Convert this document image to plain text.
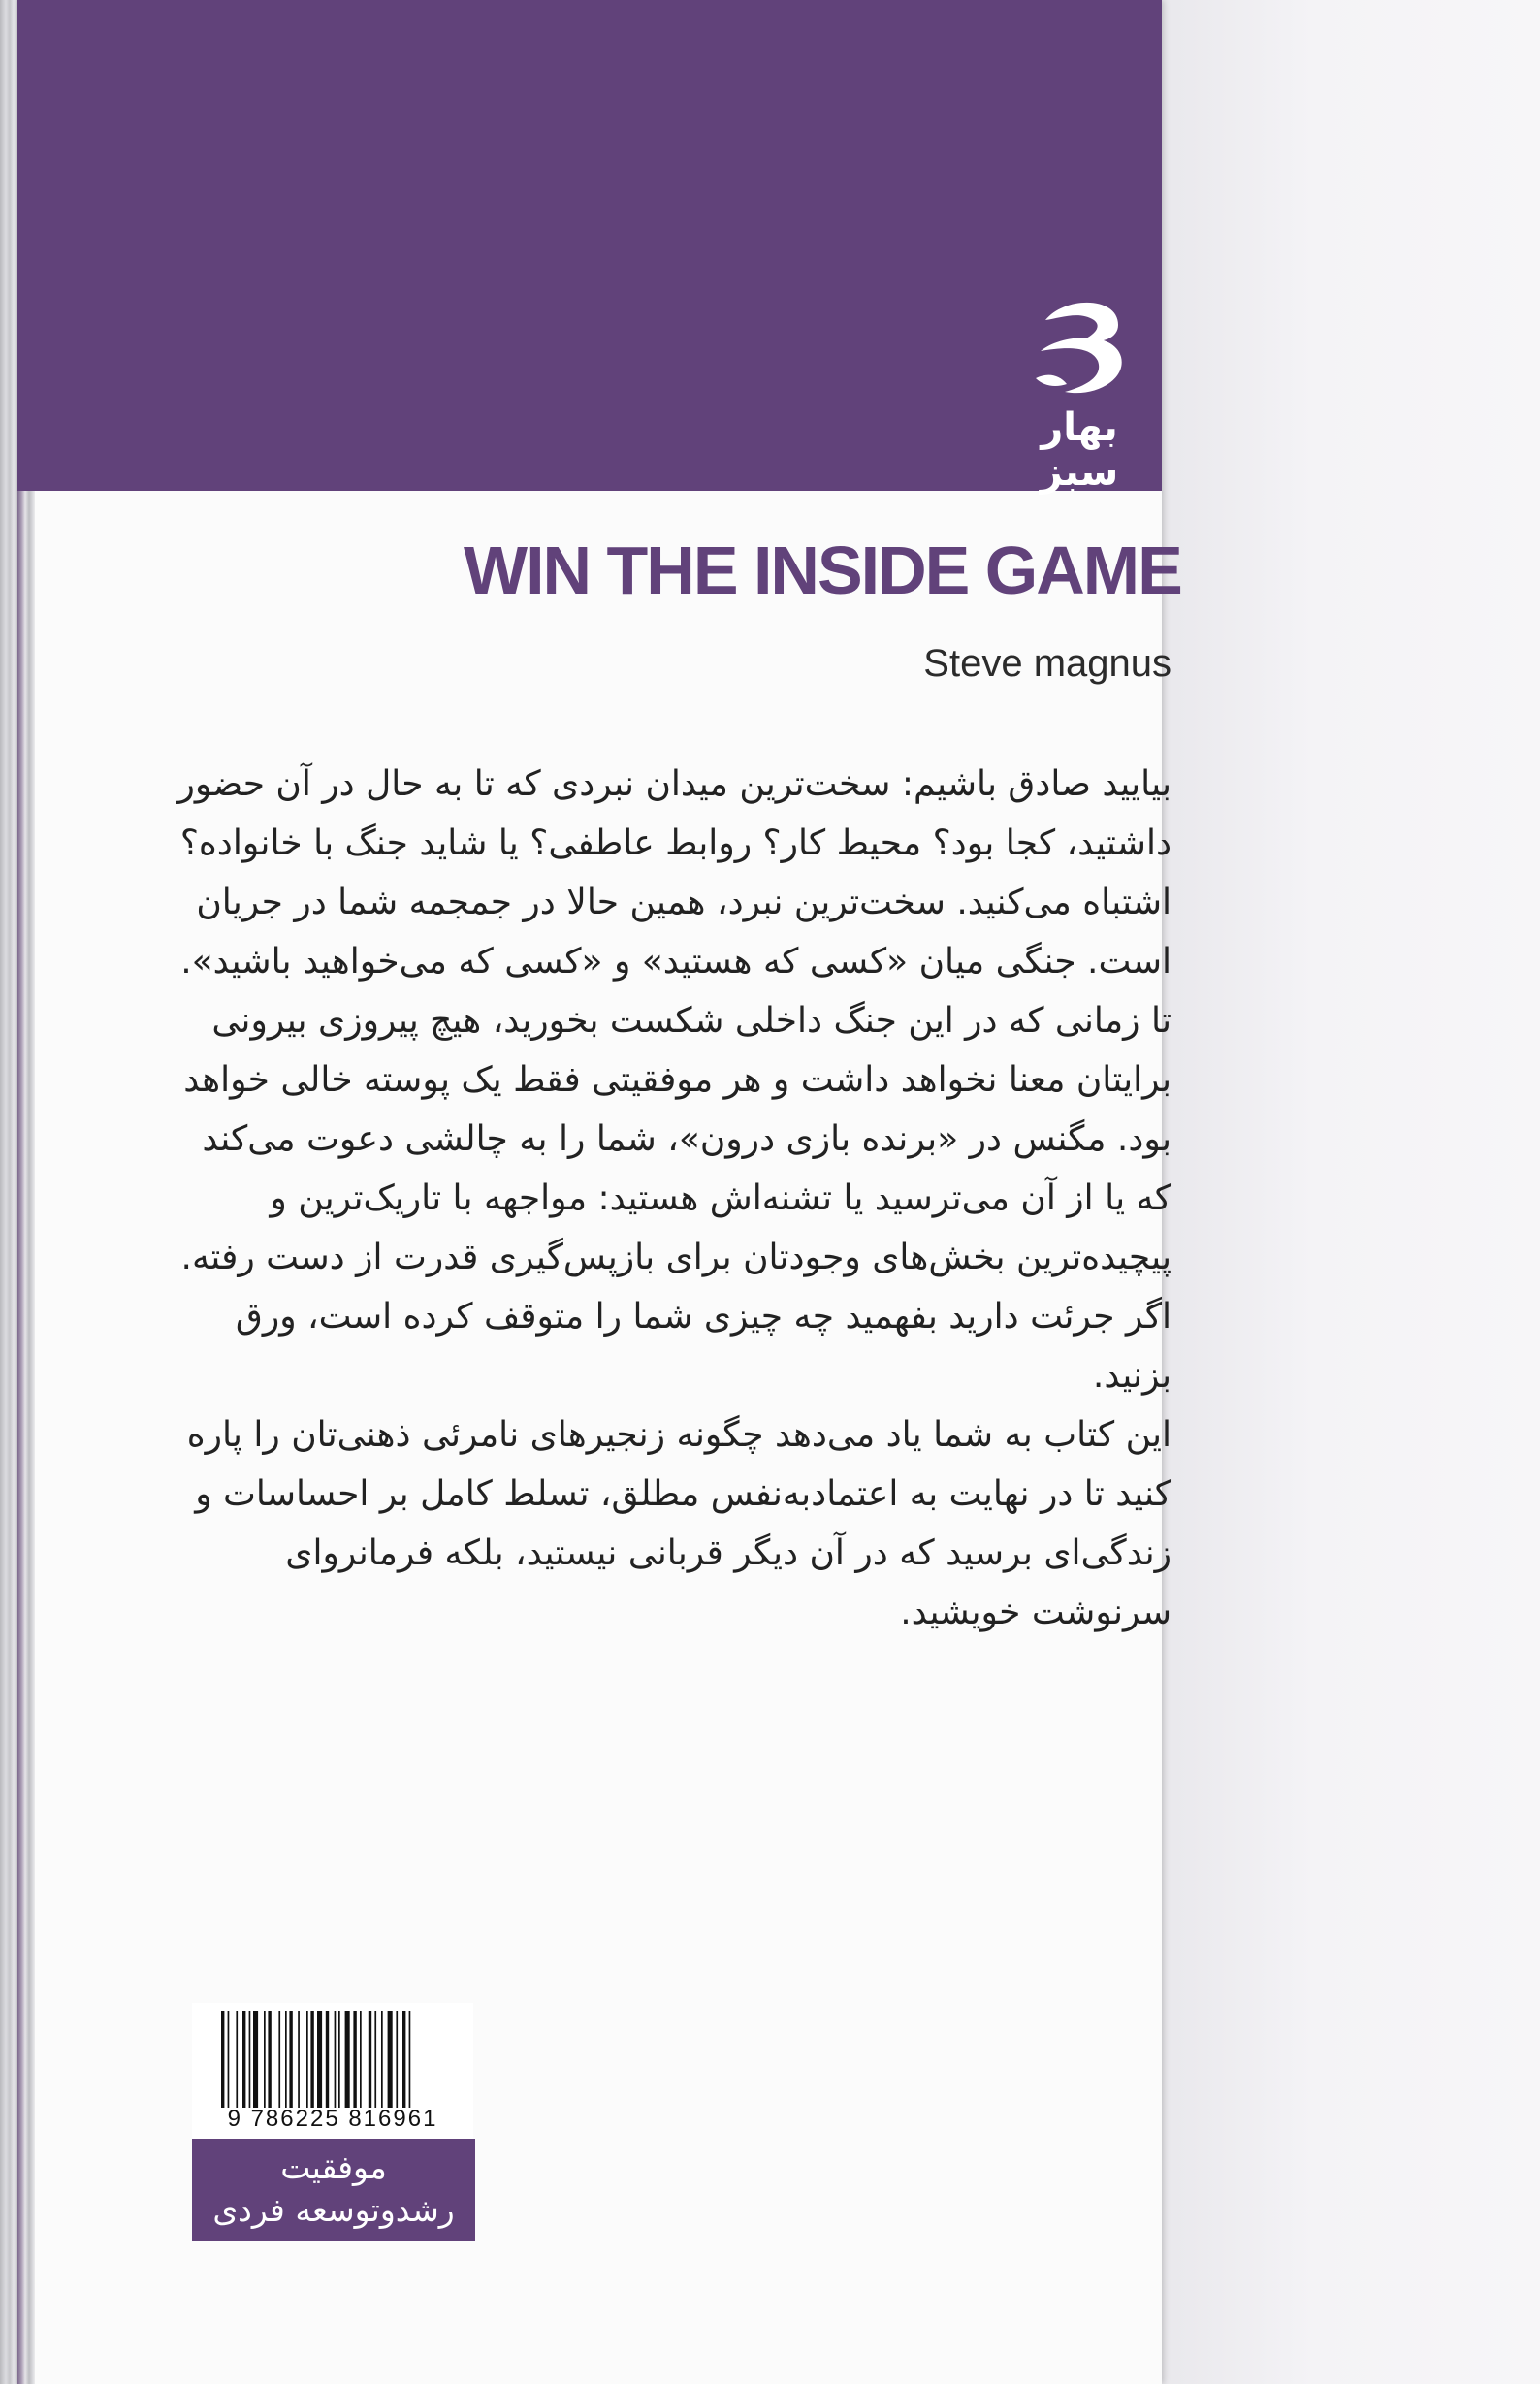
بهار سبز
WIN THE INSIDE GAME
Steve magnus

بیایید صادق باشیم: سخت‌ترین میدان نبردی که تا به حال در آن حضور داشتید، کجا بود؟ محیط کار؟ روابط عاطفی؟ یا شاید جنگ با خانواده؟

اشتباه می‌کنید. سخت‌ترین نبرد، همین حالا در جمجمه شما در جریان است. جنگی میان «کسی که هستید» و «کسی که می‌خواهید باشید».

تا زمانی که در این جنگ داخلی شکست بخورید، هیچ پیروزی بیرونی برایتان معنا نخواهد داشت و هر موفقیتی فقط یک پوسته خالی خواهد بود. مگنس در «برنده بازی درون»، شما را به چالشی دعوت می‌کند که یا از آن می‌ترسید یا تشنه‌اش هستید: مواجهه با تاریک‌ترین و پیچیده‌ترین بخش‌های وجودتان برای بازپس‌گیری قدرت از دست رفته.

اگر جرئت دارید بفهمید چه چیزی شما را متوقف کرده است، ورق بزنید.

این کتاب به شما یاد می‌دهد چگونه زنجیرهای نامرئی ذهنی‌تان را پاره کنید تا در نهایت به اعتمادبه‌نفس مطلق، تسلط کامل بر احساسات و زندگی‌ای برسید که در آن دیگر قربانی نیستید، بلکه فرمانروای سرنوشت خویشید.

9 786225 816961
موفقیت
رشدوتوسعه فردی
